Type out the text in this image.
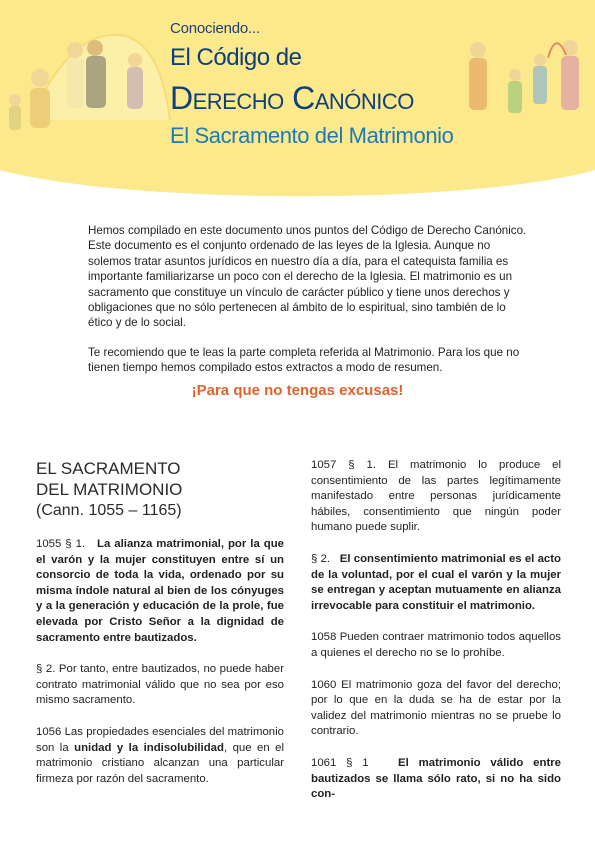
Conociendo...
El Código de
Derecho Canónico
El Sacramento del Matrimonio

Hemos compilado en este documento unos puntos del Código de Derecho Canónico. Este documento es el conjunto ordenado de las leyes de la Iglesia. Aunque no solemos tratar asuntos jurídicos en nuestro día a día, para el catequista familia es importante familiarizarse un poco con el derecho de la Iglesia. El matrimonio es un sacramento que constituye un vínculo de carácter público y tiene unos derechos y obligaciones que no sólo pertenecen al ámbito de lo espiritual, sino también de lo ético y de lo social.

Te recomiendo que te leas la parte completa referida al Matrimonio. Para los que no tienen tiempo hemos compilado estos extractos a modo de resumen.

¡Para que no tengas excusas!
EL SACRAMENTO
DEL MATRIMONIO
(Cann. 1055 – 1165)
1055 § 1. La alianza matrimonial, por la que el varón y la mujer constituyen entre sí un consorcio de toda la vida, ordenado por su misma índole natural al bien de los cónyuges y a la generación y educación de la prole, fue elevada por Cristo Señor a la dignidad de sacramento entre bautizados.
§ 2. Por tanto, entre bautizados, no puede haber contrato matrimonial válido que no sea por eso mismo sacramento.
1056 Las propiedades esenciales del matrimonio son la unidad y la indisolubilidad, que en el matrimonio cristiano alcanzan una particular firmeza por razón del sacramento.
1057 § 1. El matrimonio lo produce el consentimiento de las partes legítimamente manifestado entre personas jurídicamente hábiles, consentimiento que ningún poder humano puede suplir.
§ 2. El consentimiento matrimonial es el acto de la voluntad, por el cual el varón y la mujer se entregan y aceptan mutuamente en alianza irrevocable para constituir el matrimonio.
1058 Pueden contraer matrimonio todos aquellos a quienes el derecho no se lo prohíbe.
1060 El matrimonio goza del favor del derecho; por lo que en la duda se ha de estar por la validez del matrimonio mientras no se pruebe lo contrario.
1061 § 1	El matrimonio válido entre bautizados se llama sólo rato, si no ha sido con-
